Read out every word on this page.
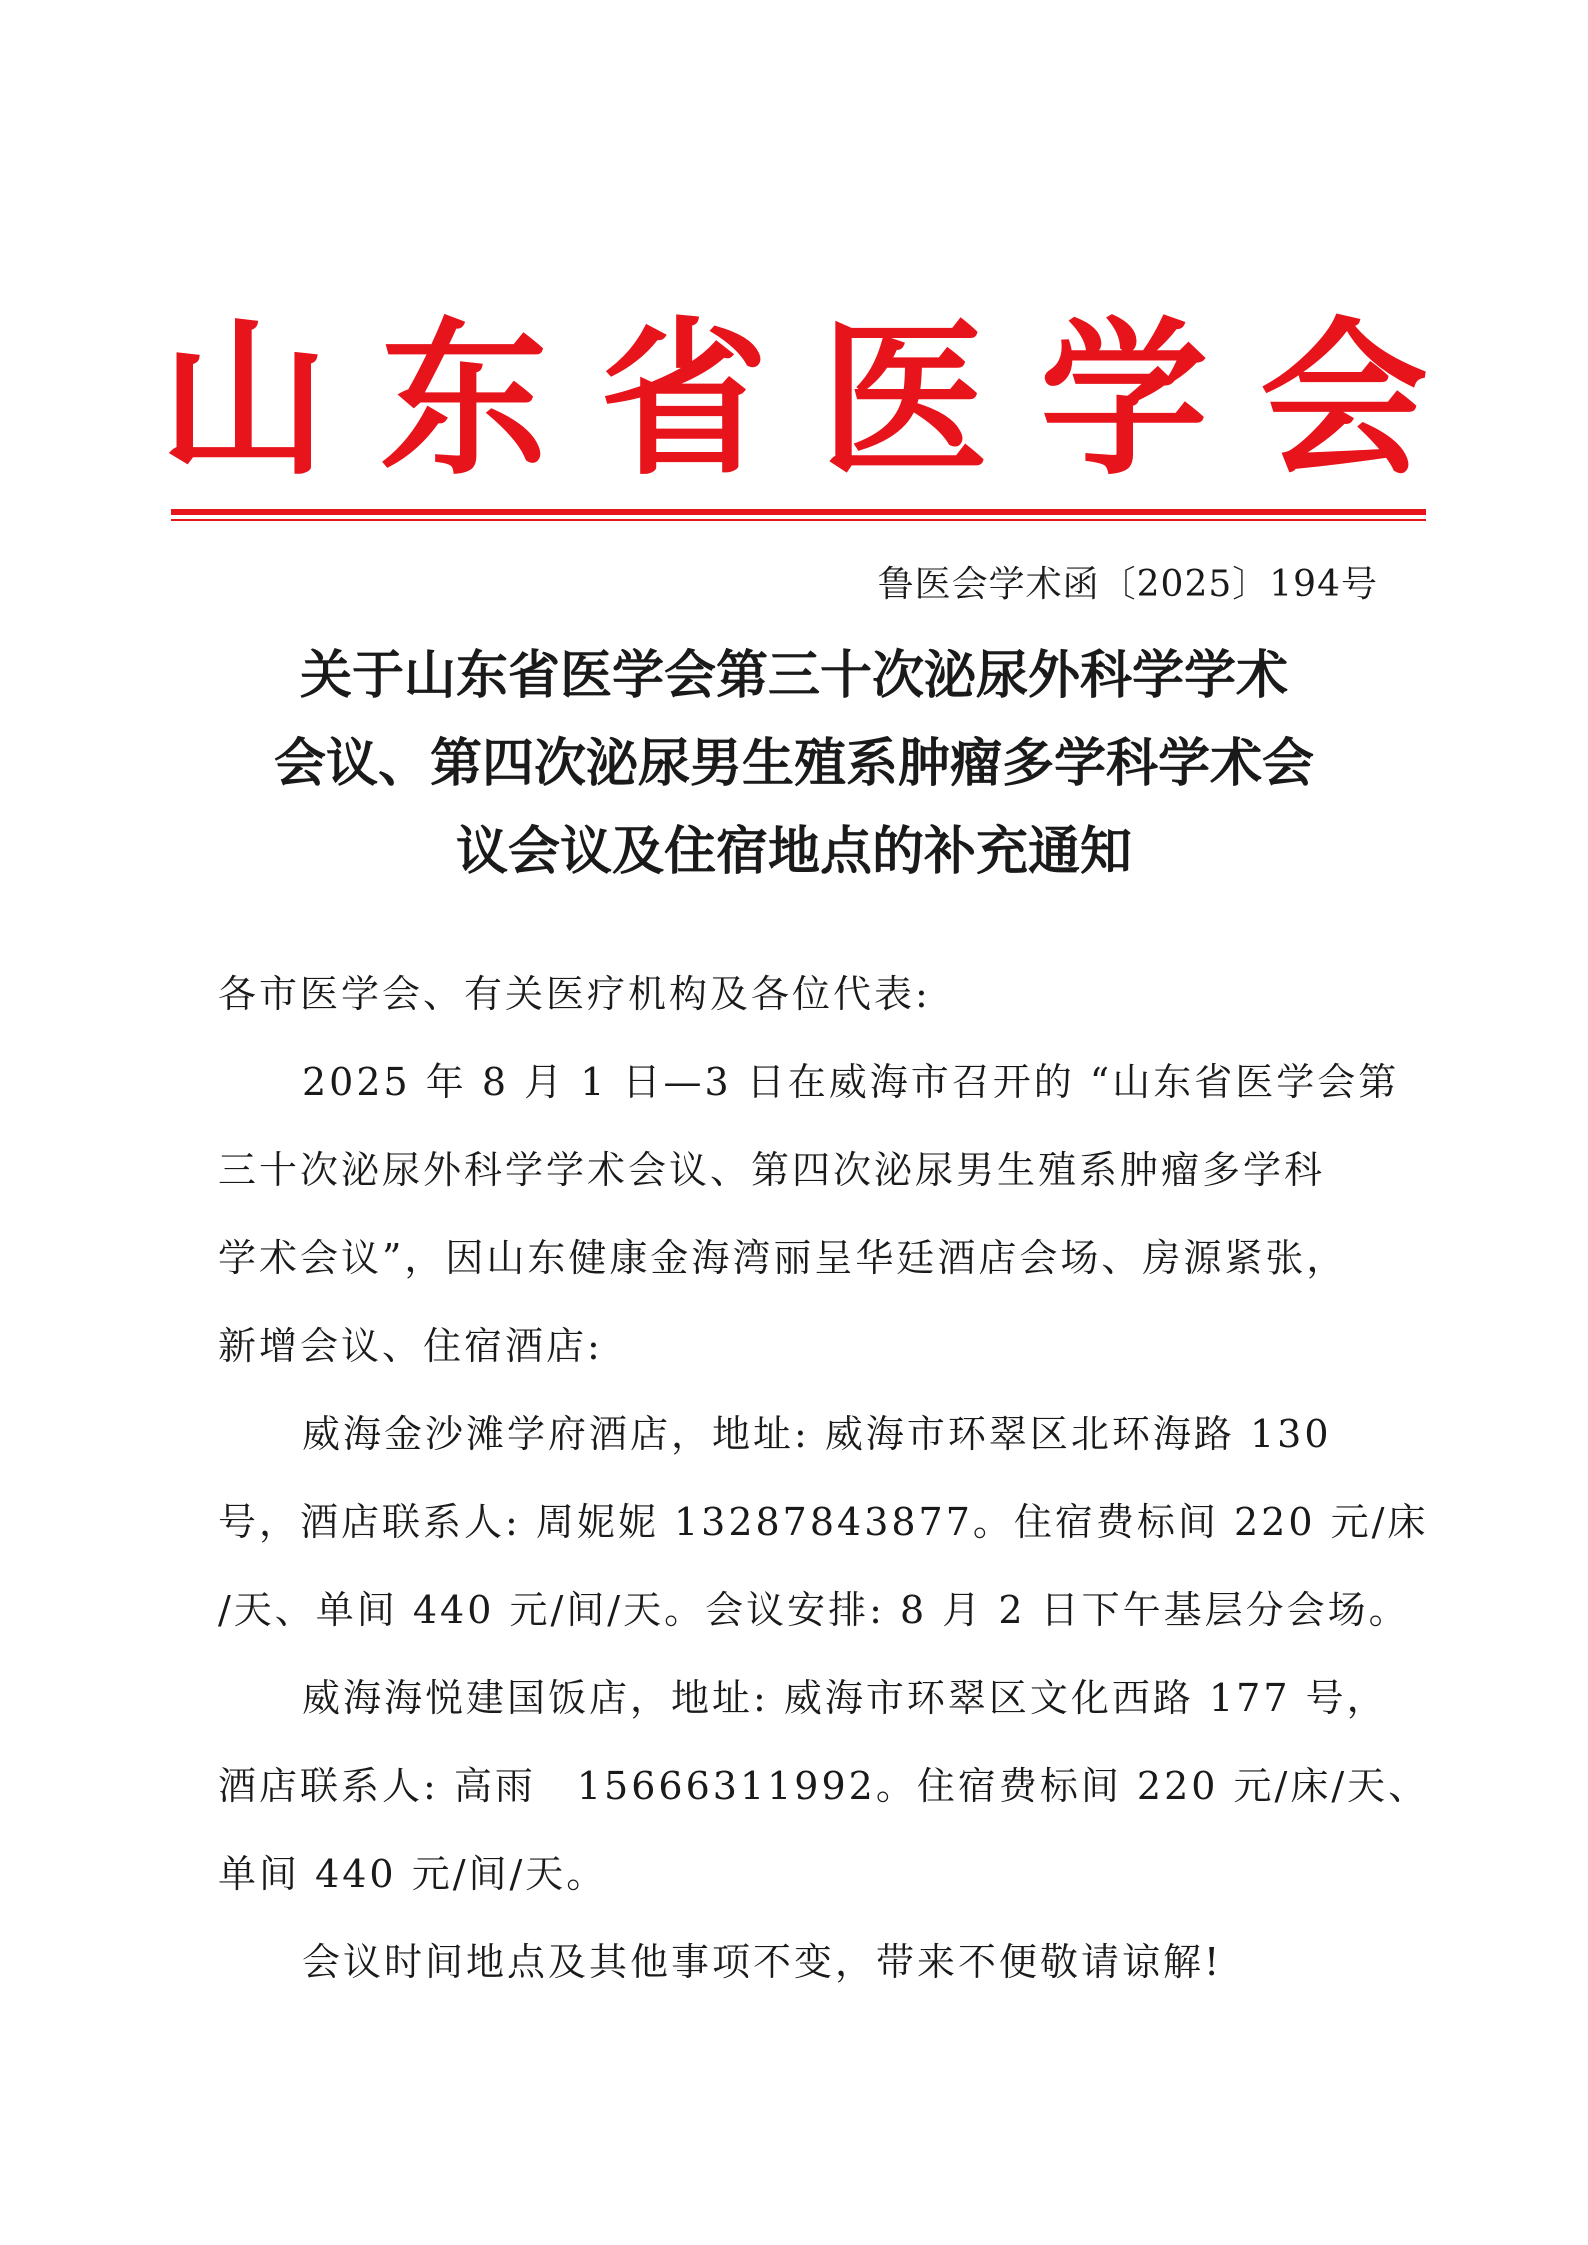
山 东 省 医 学 会
鲁医会学术函〔2025〕194号
关于山东省医学会第三十次泌尿外科学学术
会议、第四次泌尿男生殖系肿瘤多学科学术会
议会议及住宿地点的补充通知
各市医学会、有关医疗机构及各位代表:
2025 年 8 月 1 日—3 日在威海市召开的 “山东省医学会第
三十次泌尿外科学学术会议、第四次泌尿男生殖系肿瘤多学科
学术会议”，因山东健康金海湾丽呈华廷酒店会场、房源紧张，
新增会议、住宿酒店:
威海金沙滩学府酒店，地址: 威海市环翠区北环海路 130
号，酒店联系人: 周妮妮 13287843877。住宿费标间 220 元/床
/天、单间 440 元/间/天。会议安排: 8 月 2 日下午基层分会场。
威海海悦建国饭店，地址: 威海市环翠区文化西路 177 号，
酒店联系人: 高雨　15666311992。住宿费标间 220 元/床/天、
单间 440 元/间/天。
会议时间地点及其他事项不变，带来不便敬请谅解!
